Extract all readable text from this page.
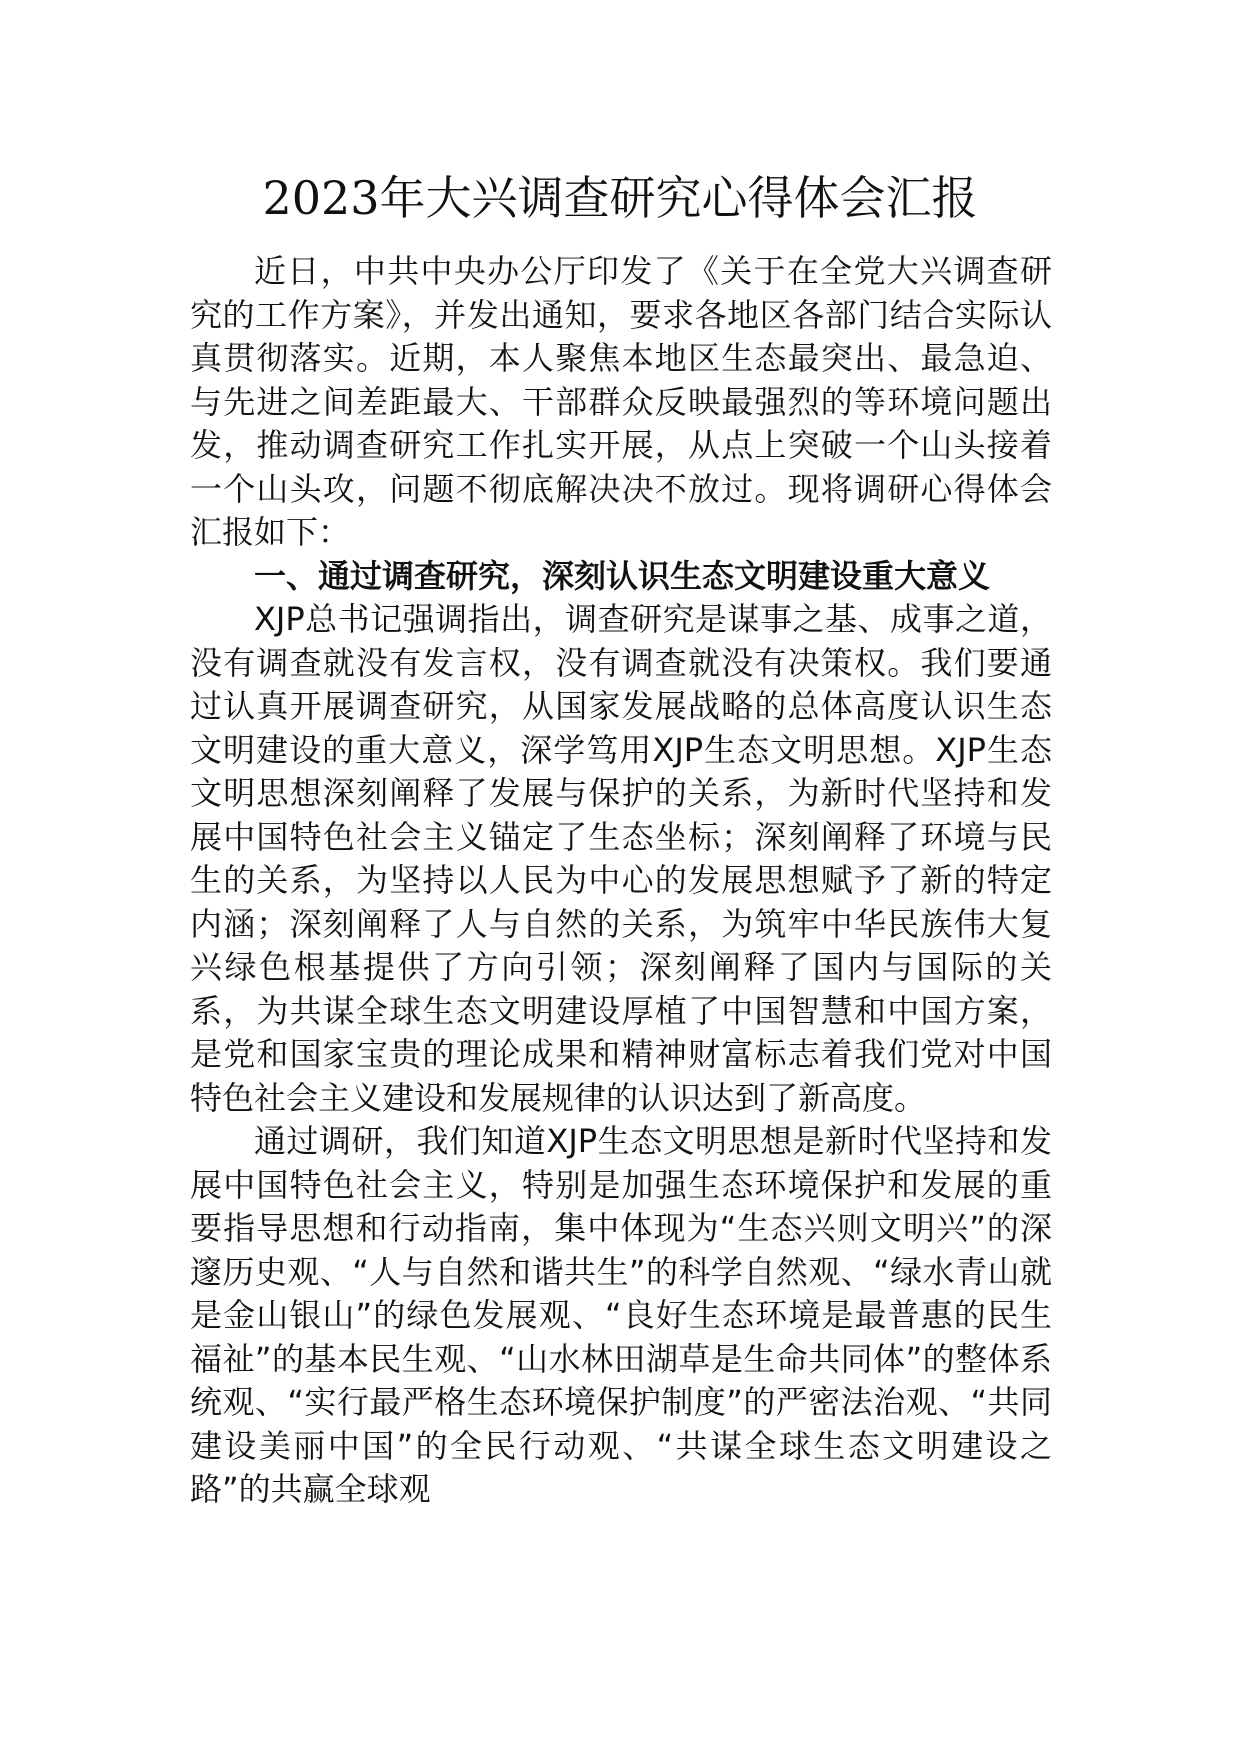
2023年大兴调查研究心得体会汇报

近日，中共中央办公厅印发了《关于在全党大兴调查研究的工作方案》，并发出通知，要求各地区各部门结合实际认真贯彻落实。近期，本人聚焦本地区生态最突出、最急迫、与先进之间差距最大、干部群众反映最强烈的等环境问题出发，推动调查研究工作扎实开展，从点上突破一个山头接着一个山头攻，问题不彻底解决决不放过。现将调研心得体会汇报如下：

一、通过调查研究，深刻认识生态文明建设重大意义

XJP总书记强调指出，调查研究是谋事之基、成事之道，没有调查就没有发言权，没有调查就没有决策权。我们要通过认真开展调查研究，从国家发展战略的总体高度认识生态文明建设的重大意义，深学笃用XJP生态文明思想。XJP生态文明思想深刻阐释了发展与保护的关系，为新时代坚持和发展中国特色社会主义锚定了生态坐标；深刻阐释了环境与民生的关系，为坚持以人民为中心的发展思想赋予了新的特定内涵；深刻阐释了人与自然的关系，为筑牢中华民族伟大复兴绿色根基提供了方向引领；深刻阐释了国内与国际的关系，为共谋全球生态文明建设厚植了中国智慧和中国方案，是党和国家宝贵的理论成果和精神财富标志着我们党对中国特色社会主义建设和发展规律的认识达到了新高度。

通过调研，我们知道XJP生态文明思想是新时代坚持和发展中国特色社会主义，特别是加强生态环境保护和发展的重要指导思想和行动指南，集中体现为“生态兴则文明兴”的深邃历史观、“人与自然和谐共生”的科学自然观、“绿水青山就是金山银山”的绿色发展观、“良好生态环境是最普惠的民生福祉”的基本民生观、“山水林田湖草是生命共同体”的整体系统观、“实行最严格生态环境保护制度”的严密法治观、“共同建设美丽中国”的全民行动观、“共谋全球生态文明建设之路”的共赢全球观
